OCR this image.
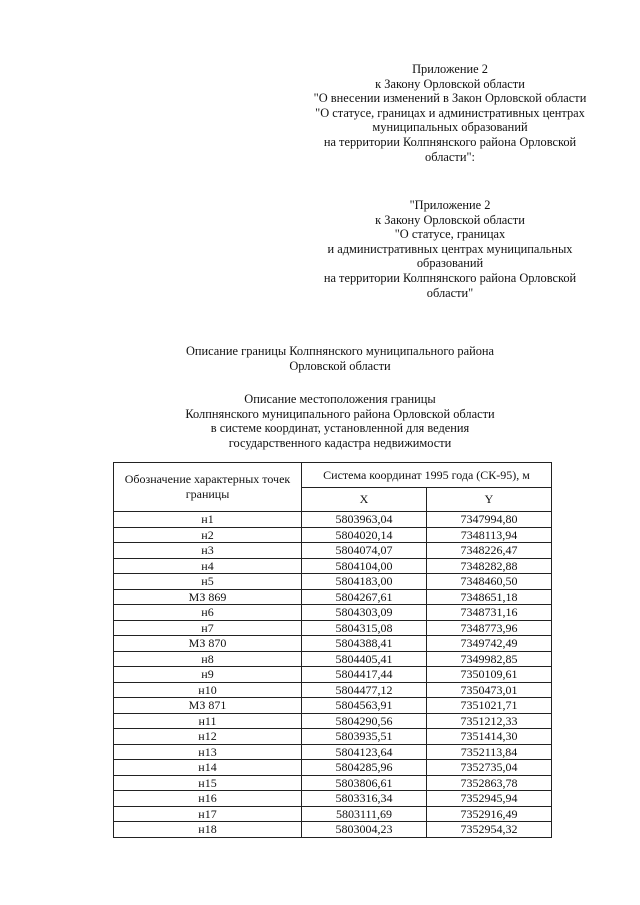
Приложение 2
к Закону Орловской области
"О внесении изменений в Закон Орловской области
"О статусе, границах и административных центрах
муниципальных образований
на территории Колпнянского района Орловской
области":
"Приложение 2
к Закону Орловской области
"О статусе, границах
и административных центрах муниципальных
образований
на территории Колпнянского района Орловской
области"
Описание границы Колпнянского муниципального района
Орловской области
Описание местоположения границы
Колпнянского муниципального района Орловской области
в системе координат, установленной для ведения
государственного кадастра недвижимости
Обозначение характерных точек границы	Система координат 1995 года (СК-95), м	
	X	Y
н1	5803963,04	7347994,80
н2	5804020,14	7348113,94
н3	5804074,07	7348226,47
н4	5804104,00	7348282,88
н5	5804183,00	7348460,50
МЗ 869	5804267,61	7348651,18
н6	5804303,09	7348731,16
н7	5804315,08	7348773,96
МЗ 870	5804388,41	7349742,49
н8	5804405,41	7349982,85
н9	5804417,44	7350109,61
н10	5804477,12	7350473,01
МЗ 871	5804563,91	7351021,71
н11	5804290,56	7351212,33
н12	5803935,51	7351414,30
н13	5804123,64	7352113,84
н14	5804285,96	7352735,04
н15	5803806,61	7352863,78
н16	5803316,34	7352945,94
н17	5803111,69	7352916,49
н18	5803004,23	7352954,32
